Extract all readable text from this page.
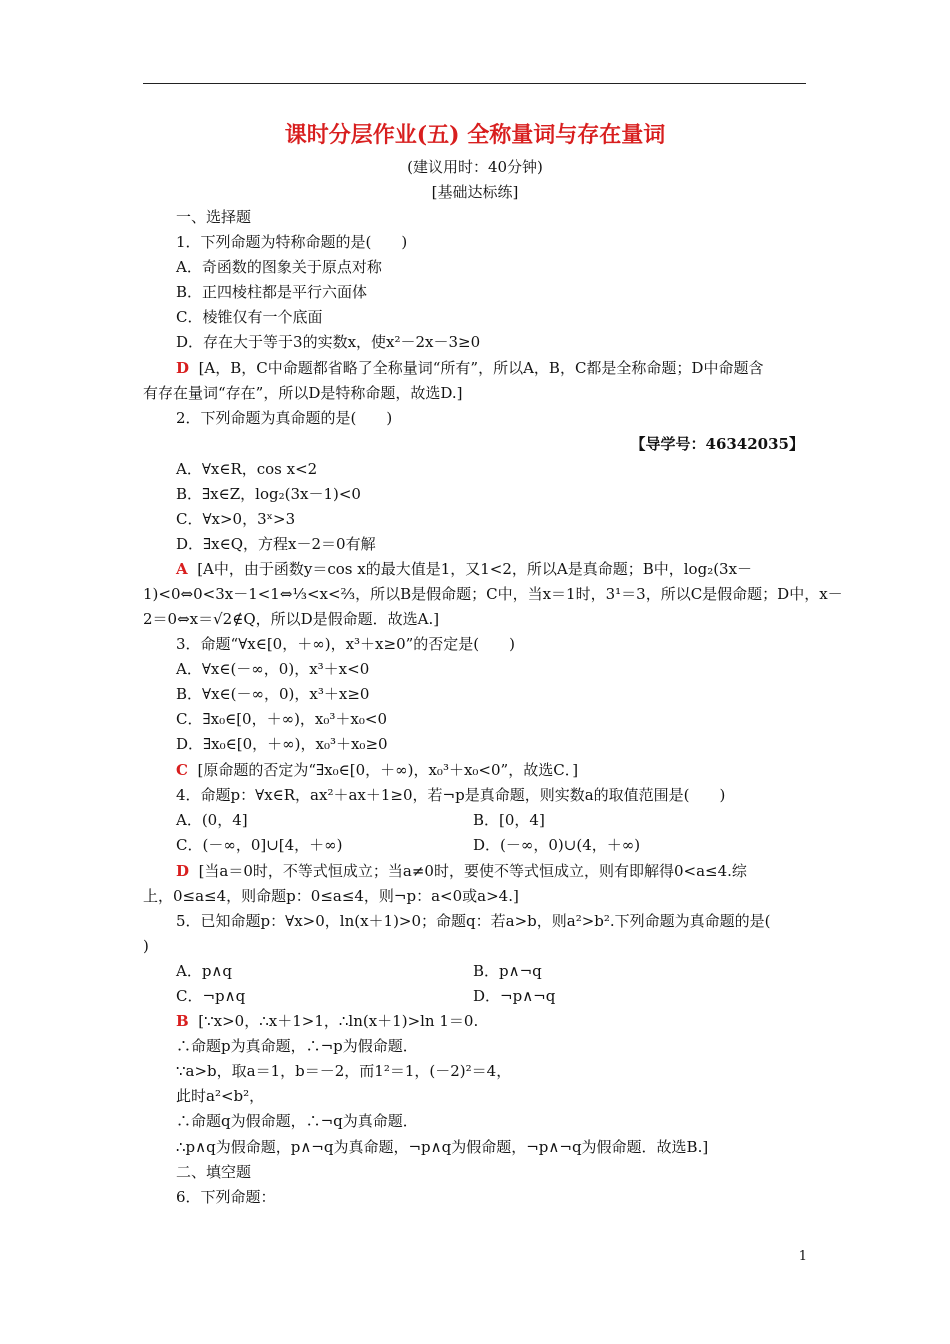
课时分层作业(五) 全称量词与存在量词
(建议用时：40分钟)
[基础达标练]
一、选择题
1．下列命题为特称命题的是(　　)
A．奇函数的图象关于原点对称
B．正四棱柱都是平行六面体
C．棱锥仅有一个底面
D．存在大于等于3的实数x，使x²－2x－3≥0
D [A，B，C中命题都省略了全称量词“所有”，所以A，B，C都是全称命题；D中命题含
有存在量词“存在”，所以D是特称命题，故选D.]
2．下列命题为真命题的是(　　)
【导学号：46342035】
A．∀x∈R，cos x<2
B．∃x∈Z，log₂(3x－1)<0
C．∀x>0，3ˣ>3
D．∃x∈Q，方程x－2＝0有解
A [A中，由于函数y＝cos x的最大值是1，又1<2，所以A是真命题；B中，log₂(3x－
1)<0⇔0<3x－1<1⇔⅓<x<⅔，所以B是假命题；C中，当x＝1时，3¹＝3，所以C是假命题；D中，x－
2＝0⇔x＝√2∉Q，所以D是假命题．故选A.]
3．命题“∀x∈[0，＋∞)，x³＋x≥0”的否定是(　　)
A．∀x∈(－∞，0)，x³＋x<0
B．∀x∈(－∞，0)，x³＋x≥0
C．∃x₀∈[0，＋∞)，x₀³＋x₀<0
D．∃x₀∈[0，＋∞)，x₀³＋x₀≥0
C [原命题的否定为“∃x₀∈[0，＋∞)，x₀³＋x₀<0”，故选C．]
4．命题p：∀x∈R，ax²＋ax＋1≥0，若¬p是真命题，则实数a的取值范围是(　　)
A．(0，4]	B．[0，4]
C．(－∞，0]∪[4，＋∞)	D．(－∞，0)∪(4，＋∞)
D [当a＝0时，不等式恒成立；当a≠0时，要使不等式恒成立，则有即解得0<a≤4.综
上，0≤a≤4，则命题p：0≤a≤4，则¬p：a<0或a>4.]
5．已知命题p：∀x>0，ln(x＋1)>0；命题q：若a>b，则a²>b².下列命题为真命题的是(
)
A．p∧q	B．p∧¬q
C．¬p∧q	D．¬p∧¬q
B [∵x>0，∴x＋1>1，∴ln(x＋1)>ln 1＝0.
∴命题p为真命题，∴¬p为假命题．
∵a>b，取a＝1，b＝－2，而1²＝1，(－2)²＝4，
此时a²<b²，
∴命题q为假命题，∴¬q为真命题．
∴p∧q为假命题，p∧¬q为真命题，¬p∧q为假命题，¬p∧¬q为假命题．故选B.]
二、填空题
6．下列命题：
1
